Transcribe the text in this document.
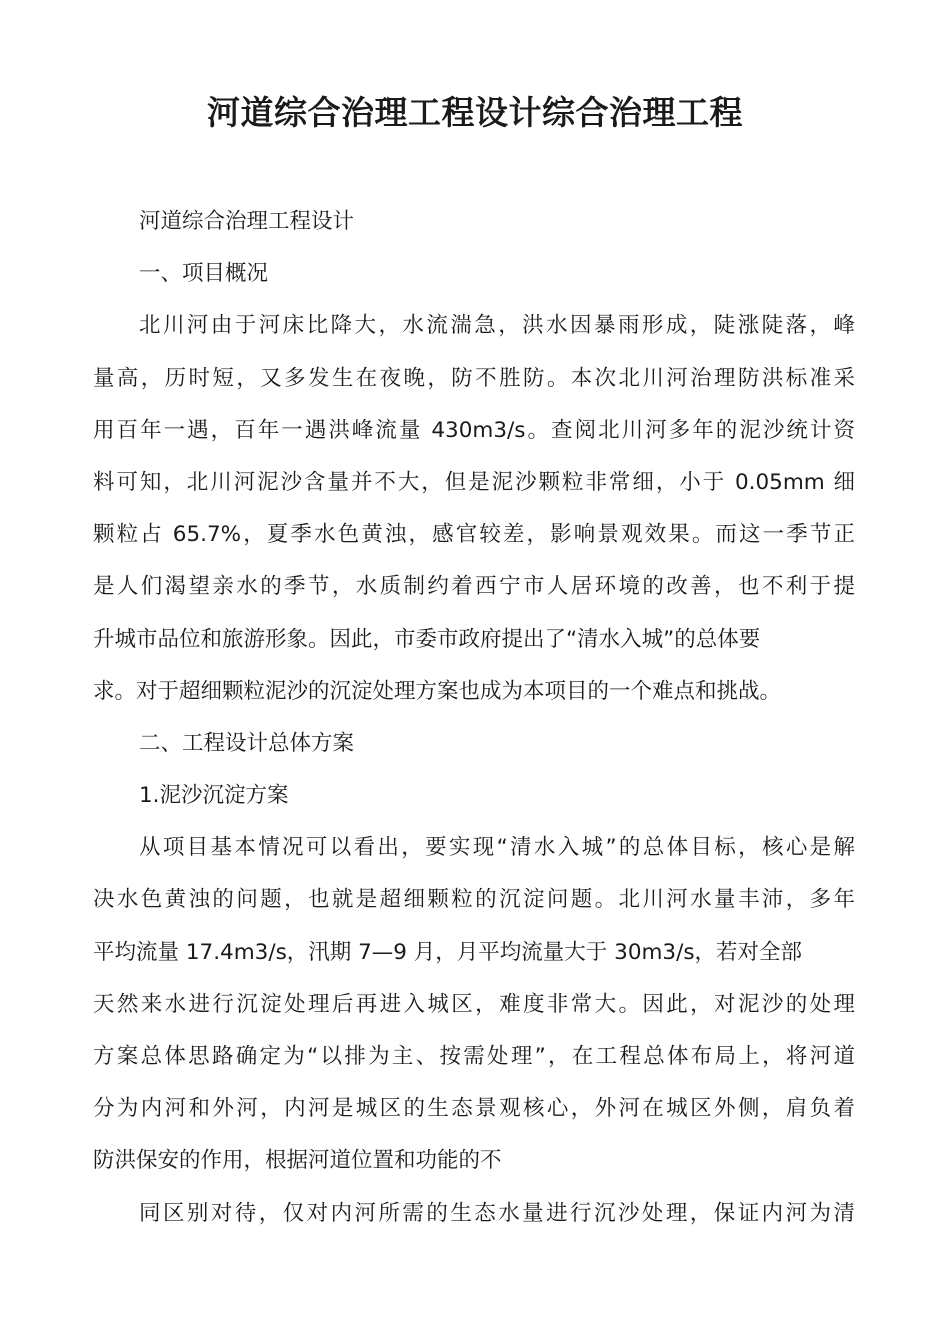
河道综合治理工程设计综合治理工程
河道综合治理工程设计
一、项目概况
北川河由于河床比降大，水流湍急，洪水因暴雨形成，陡涨陡落，峰
量高，历时短，又多发生在夜晚，防不胜防。本次北川河治理防洪标准采
用百年一遇，百年一遇洪峰流量 430m3/s。查阅北川河多年的泥沙统计资
料可知，北川河泥沙含量并不大，但是泥沙颗粒非常细，小于 0.05mm 细
颗粒占 65.7%，夏季水色黄浊，感官较差，影响景观效果。而这一季节正
是人们渴望亲水的季节，水质制约着西宁市人居环境的改善，也不利于提
升城市品位和旅游形象。因此，市委市政府提出了“清水入城”的总体要
求。对于超细颗粒泥沙的沉淀处理方案也成为本项目的一个难点和挑战。
二、工程设计总体方案
1.泥沙沉淀方案
从项目基本情况可以看出，要实现“清水入城”的总体目标，核心是解
决水色黄浊的问题，也就是超细颗粒的沉淀问题。北川河水量丰沛，多年
平均流量 17.4m3/s，汛期 7—9 月，月平均流量大于 30m3/s，若对全部
天然来水进行沉淀处理后再进入城区，难度非常大。因此，对泥沙的处理
方案总体思路确定为“以排为主、按需处理”，在工程总体布局上，将河道
分为内河和外河，内河是城区的生态景观核心，外河在城区外侧，肩负着
防洪保安的作用，根据河道位置和功能的不
同区别对待，仅对内河所需的生态水量进行沉沙处理，保证内河为清
